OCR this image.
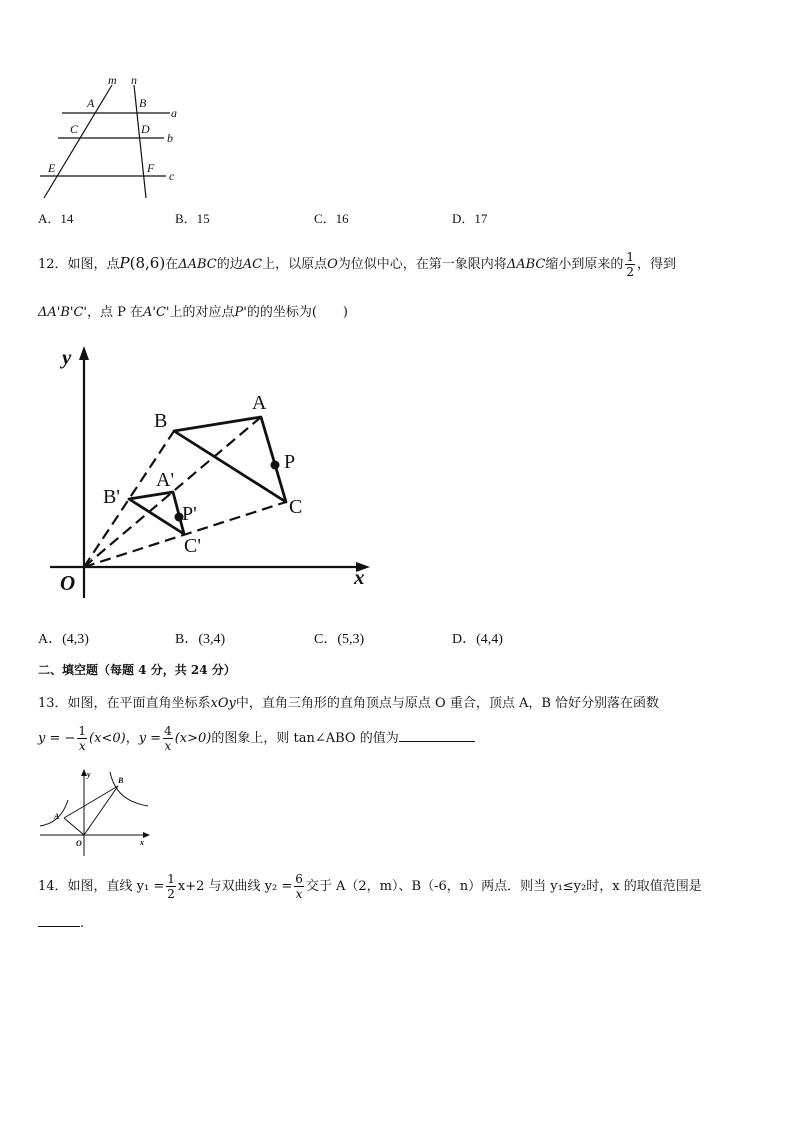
m n
A	B
C	D
E	F
a
b
c
A．14	B．15	C．16	D．17
12．如图，点P(8,6)在ΔABC的边AC上，以原点O为位似中心，在第一象限内将ΔABC缩小到原来的 $\frac{1}{2}$ ，得到
ΔA'B'C'，点 P 在A'C'上的对应点P'的的坐标为(　　)
y
x
O
A
B
C
P
A'
B'
C'
P'
A．(4,3)	B．(3,4)	C．(5,3)	D．(4,4)
二、填空题（每题 4 分，共 24 分）
13．如图，在平面直角坐标系xOy中，直角三角形的直角顶点与原点 O 重合，顶点 A，B 恰好分别落在函数
y = − $\frac{1}{x} (x<0)$，$y = \frac{4}{x} (x>0)$的图象上，则 tan∠ABO 的值为
y
x
O
A
B
14．如图，直线 $y_1 = \frac{1}{2} x+2$ 与双曲线 $y_2 = \frac{6}{x}$ 交于 A（2，m）、B（-6，n）两点．则当 y₁≤y₂时，x 的取值范围是
.
